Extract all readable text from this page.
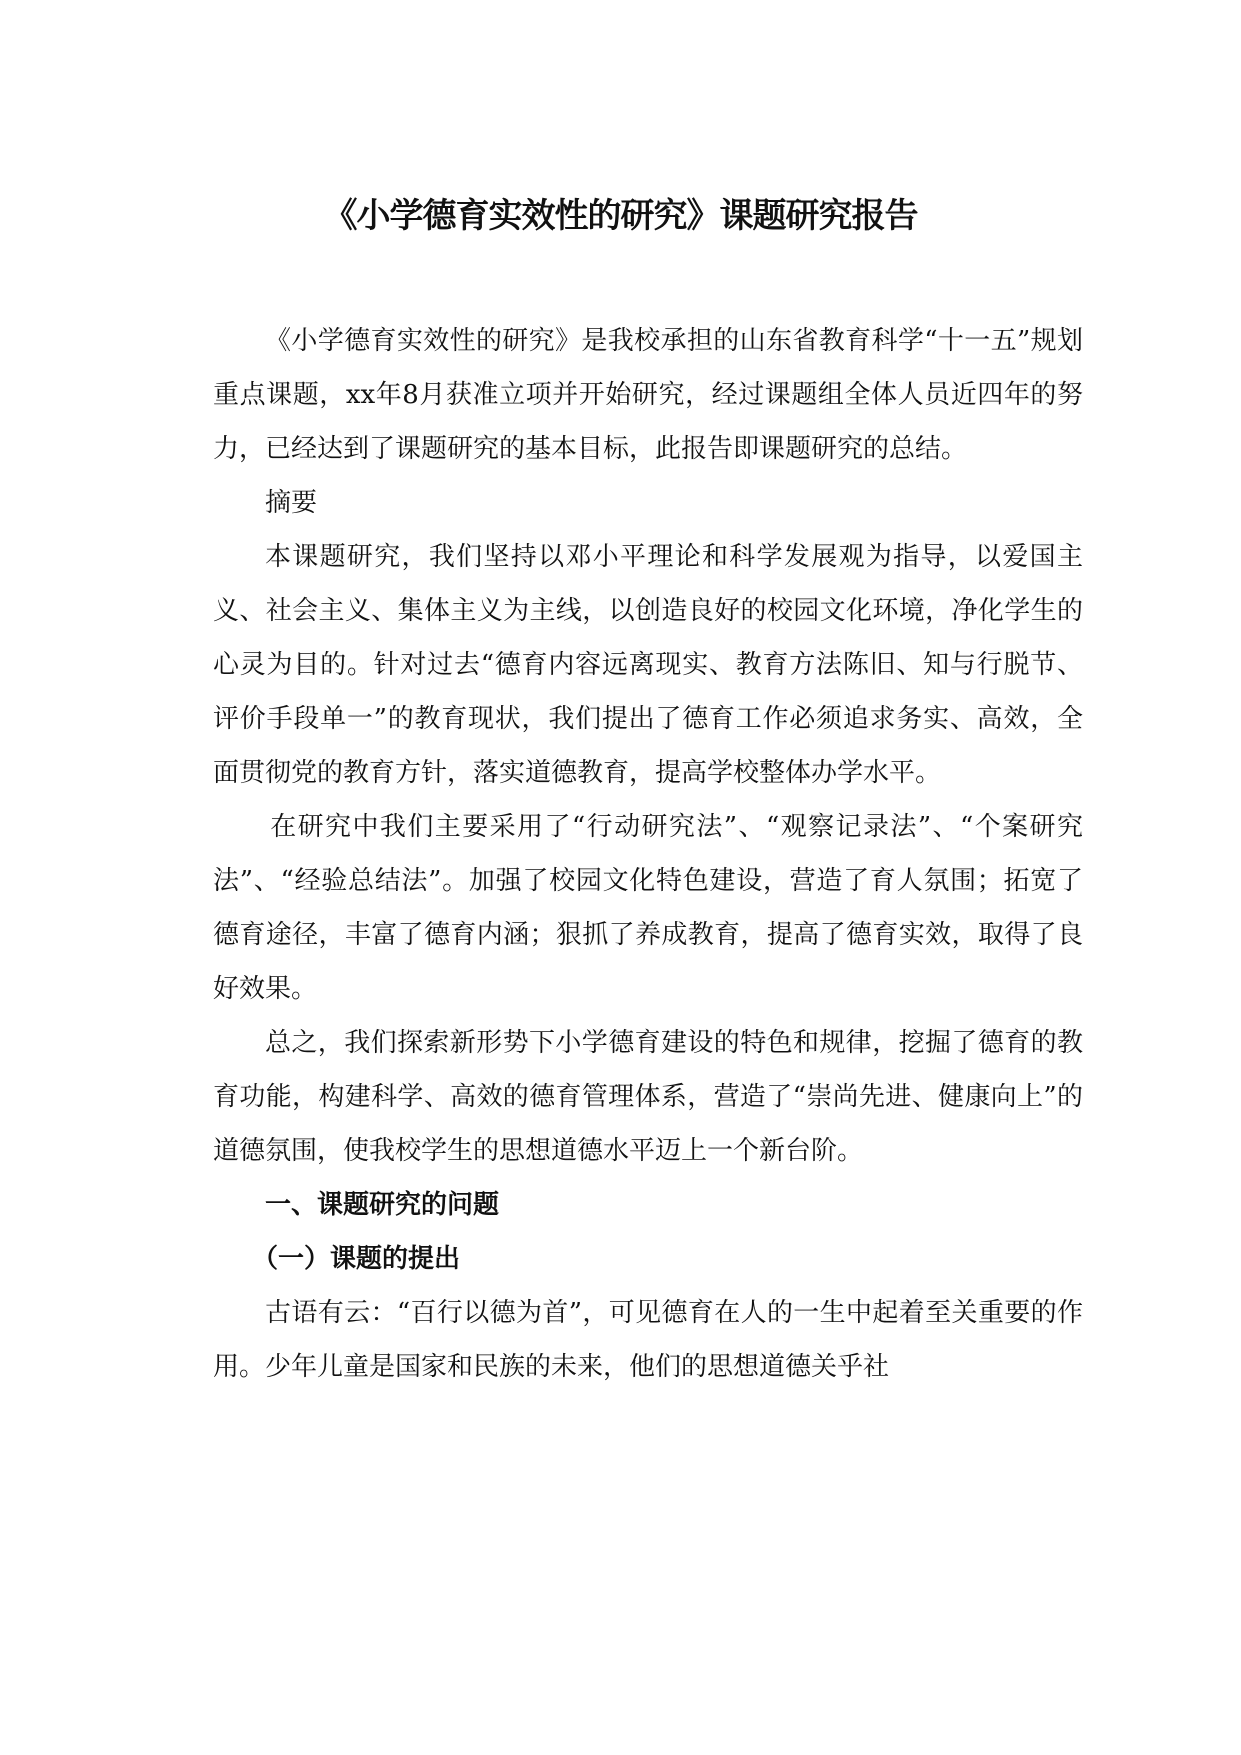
《小学德育实效性的研究》课题研究报告

《小学德育实效性的研究》是我校承担的山东省教育科学“十一五”规划重点课题，xx年8月获准立项并开始研究，经过课题组全体人员近四年的努力，已经达到了课题研究的基本目标，此报告即课题研究的总结。

摘要

本课题研究，我们坚持以邓小平理论和科学发展观为指导，以爱国主义、社会主义、集体主义为主线，以创造良好的校园文化环境，净化学生的心灵为目的。针对过去“德育内容远离现实、教育方法陈旧、知与行脱节、评价手段单一”的教育现状，我们提出了德育工作必须追求务实、高效，全面贯彻党的教育方针，落实道德教育，提高学校整体办学水平。

在研究中我们主要采用了“行动研究法”、“观察记录法”、“个案研究法”、“经验总结法”。加强了校园文化特色建设，营造了育人氛围；拓宽了德育途径，丰富了德育内涵；狠抓了养成教育，提高了德育实效，取得了良好效果。

总之，我们探索新形势下小学德育建设的特色和规律，挖掘了德育的教育功能，构建科学、高效的德育管理体系，营造了“崇尚先进、健康向上”的道德氛围，使我校学生的思想道德水平迈上一个新台阶。

一、课题研究的问题

（一）课题的提出

古语有云：“百行以德为首”，可见德育在人的一生中起着至关重要的作用。少年儿童是国家和民族的未来，他们的思想道德关乎社
